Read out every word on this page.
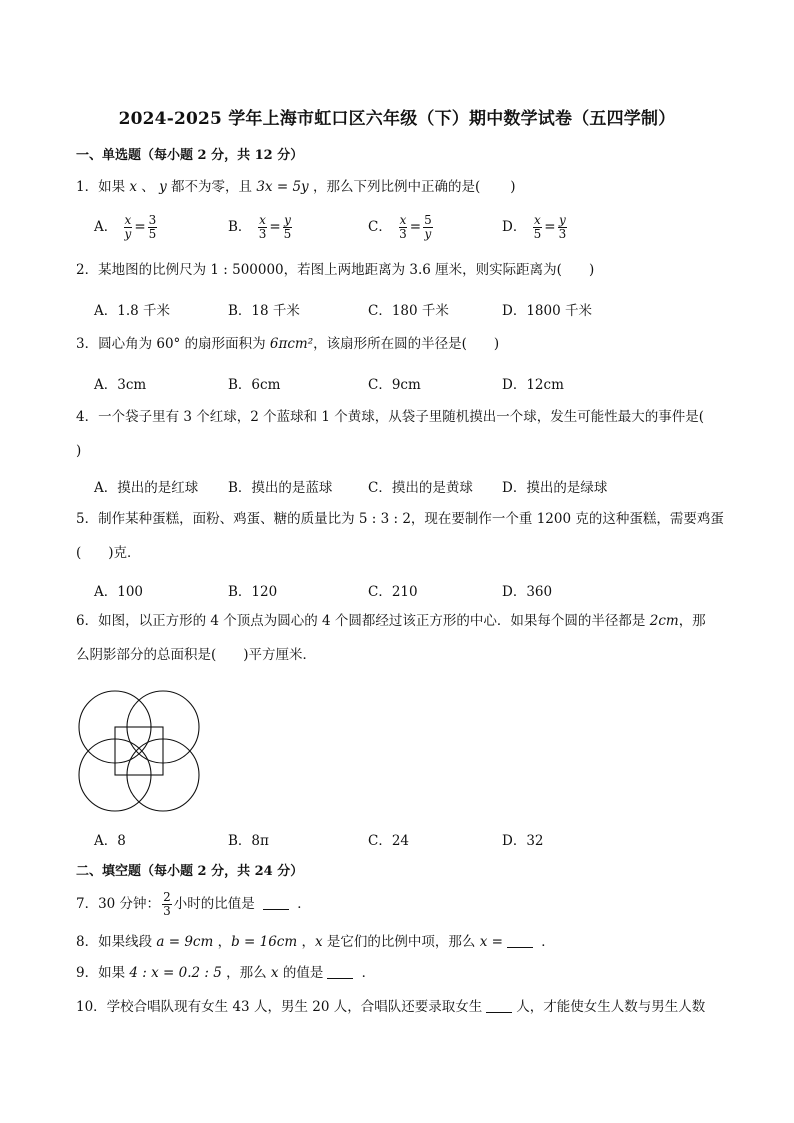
2024-2025 学年上海市虹口区六年级（下）期中数学试卷（五四学制）
一、单选题（每小题 2 分，共 12 分）
1．如果 x 、 y 都不为零，且 3x = 5y ，那么下列比例中正确的是( )
A． $\frac{x}{y} = \frac{3}{5}$	B． $\frac{x}{3} = \frac{y}{5}$	C． $\frac{x}{3} = \frac{5}{y}$	D． $\frac{x}{5} = \frac{y}{3}$
2．某地图的比例尺为 1 : 500000，若图上两地距离为 3.6 厘米，则实际距离为(　　)
A．1.8 千米	B．18 千米	C．180 千米	D．1800 千米
3．圆心角为 60° 的扇形面积为 6πcm²，该扇形所在圆的半径是(　　)
A．3cm	B．6cm	C．9cm	D．12cm
4．一个袋子里有 3 个红球，2 个蓝球和 1 个黄球，从袋子里随机摸出一个球，发生可能性最大的事件是(
)
A．摸出的是红球 B．摸出的是蓝球	C．摸出的是黄球 D．摸出的是绿球
5．制作某种蛋糕，面粉、鸡蛋、糖的质量比为 5 : 3 : 2，现在要制作一个重 1200 克的这种蛋糕，需要鸡蛋
(　　)克．
A．100	B．120	C．210	D．360
6．如图，以正方形的 4 个顶点为圆心的 4 个圆都经过该正方形的中心．如果每个圆的半径都是 2cm，那
么阴影部分的总面积是(　　)平方厘米．
A．8	B．8π	C．24	D．32
二、填空题（每小题 2 分，共 24 分）
7．30 分钟： $\frac{2}{3}$ 小时的比值是	．
8．如果线段 a = 9cm ，b = 16cm ，x 是它们的比例中项，那么 x =	．
9．如果 4 : x = 0.2 : 5 ，那么 x 的值是	．
10．学校合唱队现有女生 43 人，男生 20 人，合唱队还要录取女生	人，才能使女生人数与男生人数
